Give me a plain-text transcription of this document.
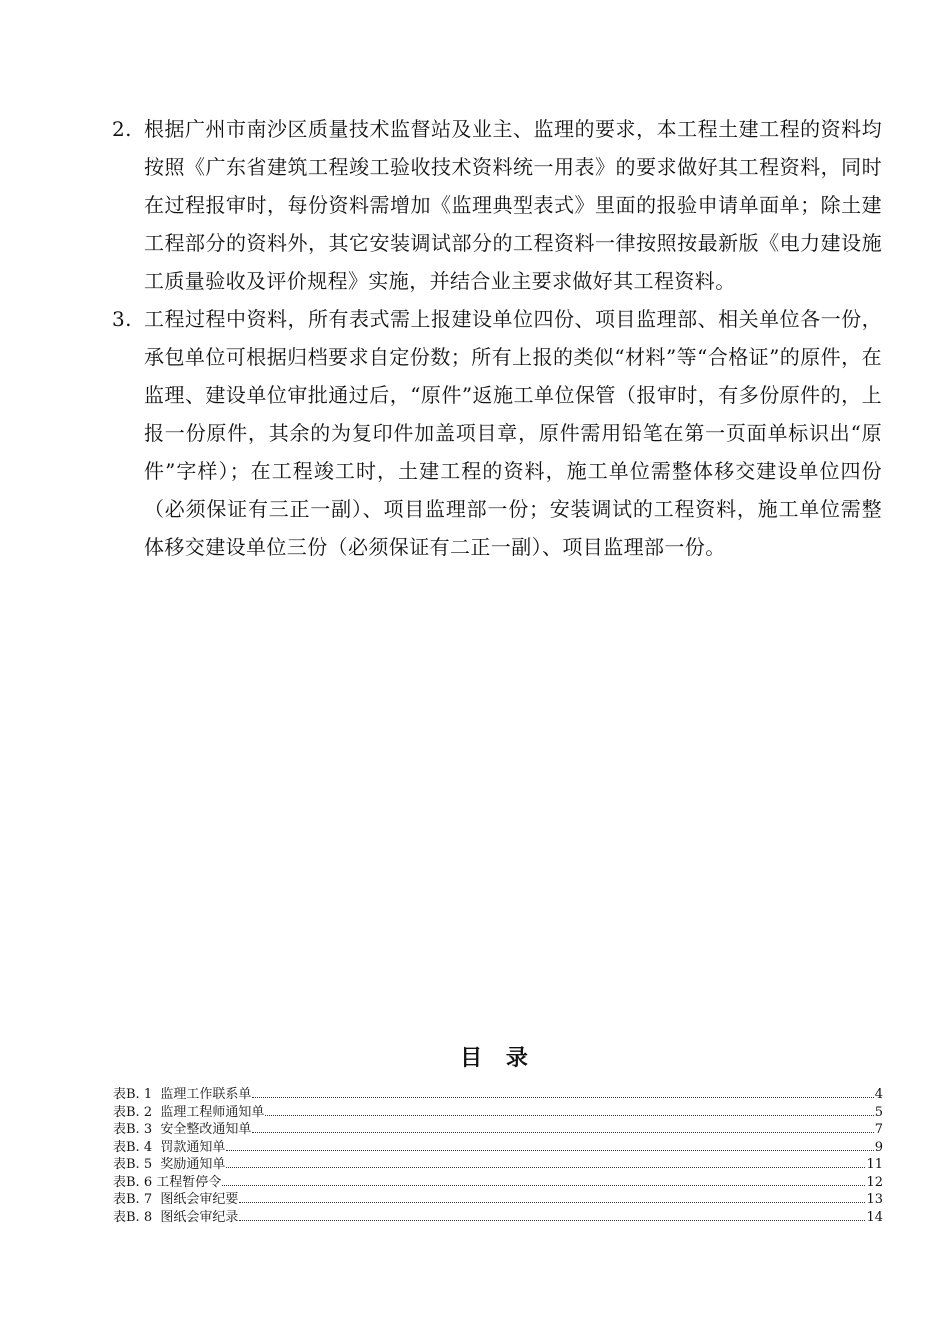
2. 根据广州市南沙区质量技术监督站及业主、监理的要求，本工程土建工程的资料均按照《广东省建筑工程竣工验收技术资料统一用表》的要求做好其工程资料，同时在过程报审时，每份资料需增加《监理典型表式》里面的报验申请单面单；除土建工程部分的资料外，其它安装调试部分的工程资料一律按照按最新版《电力建设施工质量验收及评价规程》实施，并结合业主要求做好其工程资料。
3. 工程过程中资料，所有表式需上报建设单位四份、项目监理部、相关单位各一份，承包单位可根据归档要求自定份数；所有上报的类似“材料”等“合格证”的原件，在监理、建设单位审批通过后，“原件”返施工单位保管（报审时，有多份原件的，上报一份原件，其余的为复印件加盖项目章，原件需用铅笔在第一页面单标识出“原件”字样）；在工程竣工时，土建工程的资料，施工单位需整体移交建设单位四份（必须保证有三正一副）、项目监理部一份；安装调试的工程资料，施工单位需整体移交建设单位三份（必须保证有二正一副）、项目监理部一份。
目 录
表B. 1  监理工作联系单	4
表B. 2  监理工程师通知单	5
表B. 3  安全整改通知单	7
表B. 4  罚款通知单	9
表B. 5  奖励通知单	11
表B. 6 工程暂停令	12
表B. 7  图纸会审纪要	13
表B. 8  图纸会审纪录	14
